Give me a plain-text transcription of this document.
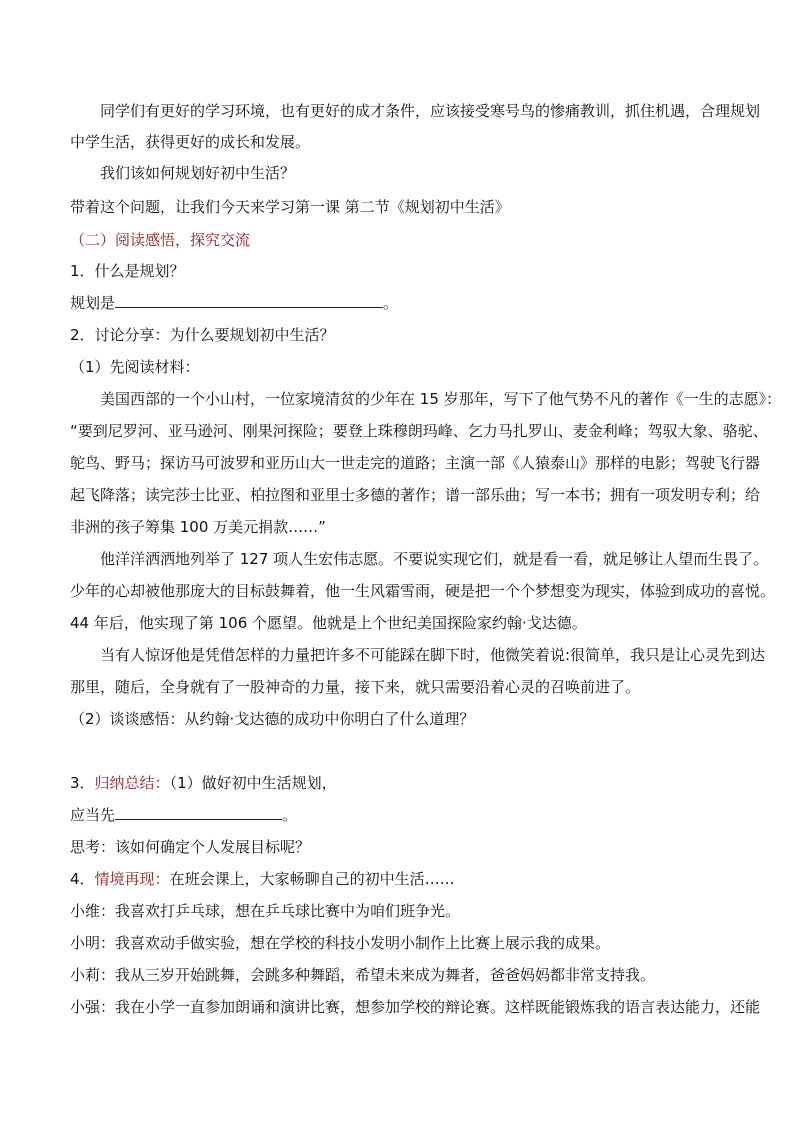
同学们有更好的学习环境，也有更好的成才条件，应该接受寒号鸟的惨痛教训，抓住机遇，合理规划
中学生活，获得更好的成长和发展。
我们该如何规划好初中生活？
带着这个问题，让我们今天来学习第一课 第二节《规划初中生活》
（二）阅读感悟，探究交流
1．什么是规划？
规划是	。
2．讨论分享：为什么要规划初中生活？
（1）先阅读材料：
美国西部的一个小山村，一位家境清贫的少年在 15 岁那年，写下了他气势不凡的著作《一生的志愿》：
“要到尼罗河、亚马逊河、刚果河探险；要登上珠穆朗玛峰、乞力马扎罗山、麦金利峰；驾驭大象、骆驼、
鸵鸟、野马；探访马可波罗和亚历山大一世走完的道路；主演一部《人猿泰山》那样的电影；驾驶飞行器
起飞降落；读完莎士比亚、柏拉图和亚里士多德的著作；谱一部乐曲；写一本书；拥有一项发明专利；给
非洲的孩子筹集 100 万美元捐款……”
他洋洋洒洒地列举了 127 项人生宏伟志愿。不要说实现它们，就是看一看，就足够让人望而生畏了。
少年的心却被他那庞大的目标鼓舞着，他一生风霜雪雨，硬是把一个个梦想变为现实，体验到成功的喜悦。
44 年后，他实现了第 106 个愿望。他就是上个世纪美国探险家约翰·戈达德。
当有人惊讶他是凭借怎样的力量把许多不可能踩在脚下时，他微笑着说:很简单，我只是让心灵先到达
那里，随后，全身就有了一股神奇的力量，接下来，就只需要沿着心灵的召唤前进了。
（2）谈谈感悟：从约翰·戈达德的成功中你明白了什么道理？
3．归纳总结：（1）做好初中生活规划，
应当先	。
思考：该如何确定个人发展目标呢？
4．情境再现：在班会课上，大家畅聊自己的初中生活……
小维：我喜欢打乒乓球，想在乒乓球比赛中为咱们班争光。
小明：我喜欢动手做实验，想在学校的科技小发明小制作上比赛上展示我的成果。
小莉：我从三岁开始跳舞，会跳多种舞蹈，希望未来成为舞者，爸爸妈妈都非常支持我。
小强：我在小学一直参加朗诵和演讲比赛，想参加学校的辩论赛。这样既能锻炼我的语言表达能力，还能
